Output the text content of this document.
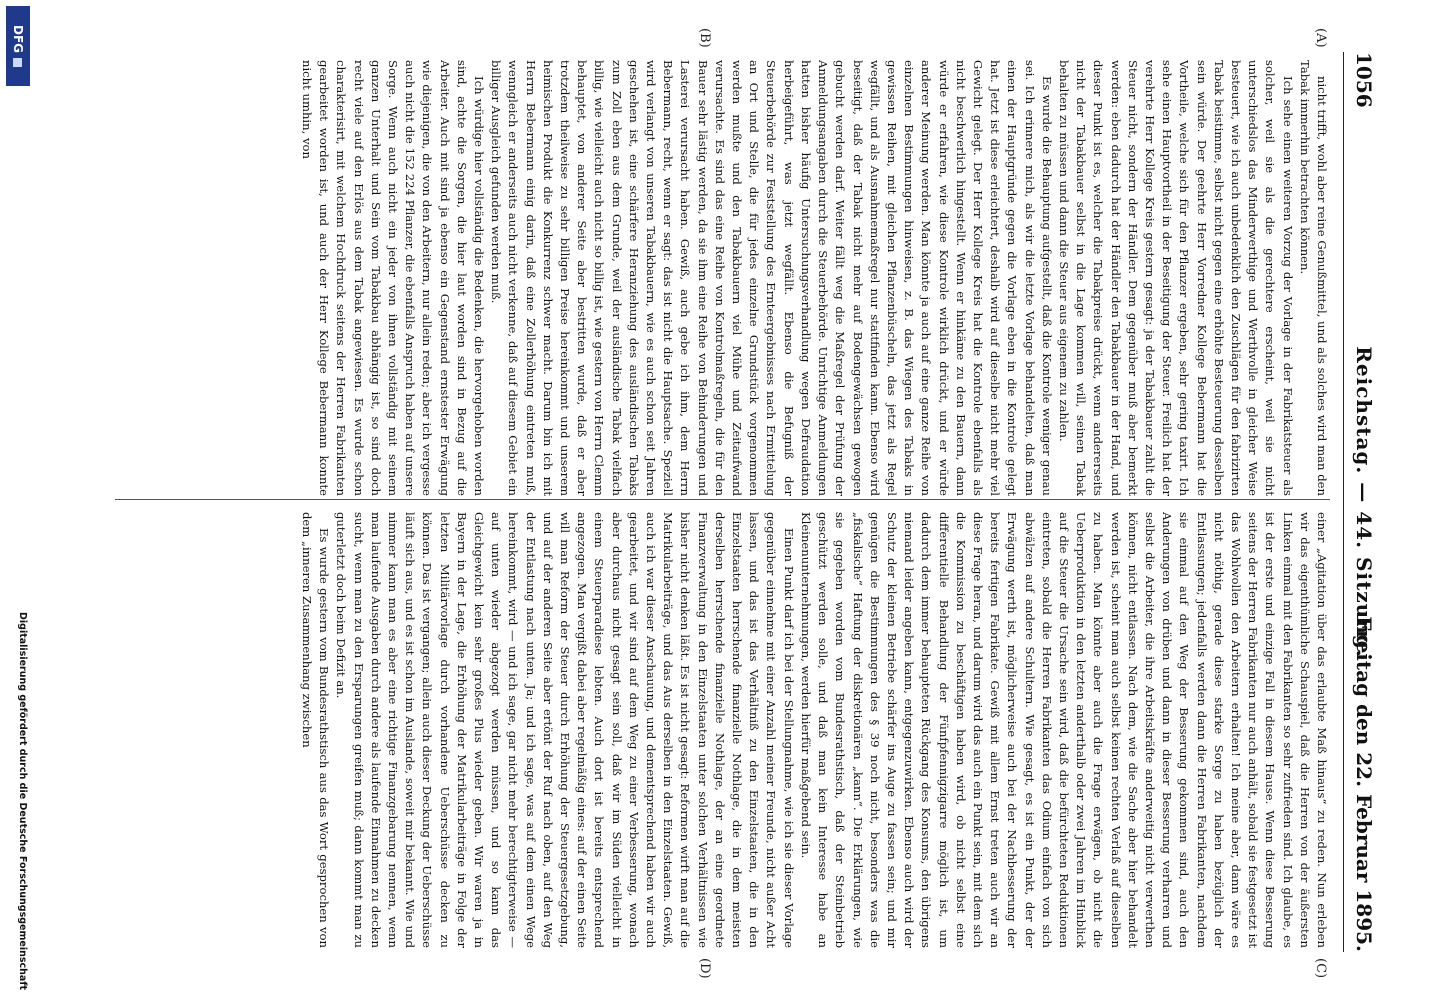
1056
Reichstag. — 44. Sitzung.
Freitag den 22. Februar 1895.
(A)
(B)
(C)
(D)

nicht trifft, wohl aber reine Genußmittel, und als solches wird man den Tabak immerhin betrachten können.

Ich sehe einen weiteren Vorzug der Vorlage in der Fabrikatsteuer als solcher, weil sie als die gerechtere erscheint, weil sie nicht unterschiedslos das Minderwerthige und Werthvolle in gleicher Weise besteuert, wie ich auch unbedenklich den Zuschlägen für den fabrizirten Tabak beistimme, selbst nicht gegen eine erhöhte Besteuerung desselben sein würde. Der geehrte Herr Vorredner Kollege Bebermann hat die Vortheile, welche sich für den Pflanzer ergeben, sehr gering taxirt. Ich sehe einen Hauptvortheil in der Beseitigung der Steuer. Freilich hat der verehrte Herr Kollege Kreis gestern gesagt: ja der Tabakbauer zahlt die Steuer nicht, sondern der Händler. Dem gegenüber muß aber bemerkt werden: eben dadurch hat der Händler den Tabakbauer in der Hand, und dieser Punkt ist es, welcher die Tabakpreise drückt, wenn andererseits nicht der Tabakbauer selbst in die Lage kommen will, seinen Tabak behalten zu müssen und dann die Steuer aus eigenem zu zahlen.

Es wurde die Behauptung aufgestellt, daß die Kontrole weniger genau sei. Ich erinnere mich, als wir die letzte Vorlage behandelten, daß man einen der Hauptgründe gegen die Vorlage eben in die Kontrole gelegt hat. Jetzt ist diese erleichtert, deshalb wird auf dieselbe nicht mehr viel Gewicht gelegt. Der Herr Kollege Kreis hat die Kontrole ebenfalls als nicht beschwerlich hingestellt. Wenn er hinkäme zu den Bauern, dann würde er erfahren, wie diese Kontrole wirklich drückt, und er würde anderer Meinung werden. Man könnte ja auch auf eine ganze Reihe von einzelnen Bestimmungen hinweisen, z. B. das Wiegen des Tabaks in gewissen Reihen, mit gleichen Pflanzenbüscheln, das jetzt als Regel wegfällt, und als Ausnahmemaßregel nur stattfinden kann. Ebenso wird beseitigt, daß der Tabak nicht mehr auf Bodengewächsen gewogen gebucht werden darf. Weiter fällt weg die Maßregel der Prüfung der Anmeldungsangaben durch die Steuerbehörde. Unrichtige Anmeldungen hatten bisher häufig Untersuchungsverhandlung wegen Defraudation herbeigeführt, was jetzt wegfällt. Ebenso die Befugniß der Steuerbehörde zur Feststellung des Ernteergebnisses nach Ermittelung an Ort und Stelle, die für jedes einzelne Grundstück vorgenommen werden mußte und den Tabakbauern viel Mühe und Zeitaufwand verursachte. Es sind das eine Reihe von Kontrolmaßregeln, die für den Bauer sehr lästig werden, da sie ihm eine Reihe von Behinderungen und Lasterei verursacht haben. Gewiß, auch gebe ich ihm, dem Herrn Bebermann, recht, wenn er sagt: das ist nicht die Hauptsache. Speziell wird verlangt von unseren Tabakbauern, wie es auch schon seit Jahren geschehen ist, eine schärfere Heranziehung des ausländischen Tabaks zum Zoll eben aus dem Grunde, weil der ausländische Tabak vielfach billig, wie vielleicht auch nicht so billig ist, wie gestern von Herrn Clemm behauptet, von anderer Seite aber bestritten wurde, daß er aber trotzdem theilweise zu sehr billigen Preise hereinkommt und unserem heimischen Produkt die Konkurrenz schwer macht. Darum bin ich mit Herrn Bebermann einig darin, daß eine Zollerhöhung eintreten muß, wenngleich er anderseits auch nicht verkenne, daß auf diesem Gebiet ein billiger Ausgleich gefunden werden muß.

Ich würdige hier vollständig die Bedenken, die hervorgehoben worden sind, achte die Sorgen, die hier laut worden sind in Bezug auf die Arbeiter. Auch mit sind ja ebenso ein Gegenstand ernstester Erwägung wie diejenigen, die von den Arbeitern, nur allein reden; aber ich vergesse auch nicht die 152 224 Pflanzer, die ebenfalls Anspruch haben auf unsere Sorge. Wenn auch nicht ein jeder von ihnen vollständig mit seinem ganzen Unterhalt und Sein vom Tabakbau abhängig ist, so sind doch recht viele auf den Erlös aus dem Tabak angewiesen. Es wurde schon charakterisirt, mit welchem Hochdruck seitens der Herren Fabrikanten gearbeitet worden ist, und auch der Herr Kollege Bebermann konnte nicht umhin, von

einer „Agitation über das erlaubte Maß hinaus“ zu reden. Nun erleben wir das eigenthümliche Schauspiel, daß die Herren von der äußersten Linken einmal mit den Fabrikanten so sehr zufrieden sind. Ich glaube, es ist der erste und einzige Fall in diesem Hause. Wenn diese Besserung seitens der Herren Fabrikanten nur auch anhält, sobald sie festgesetzt ist das Wohlwollen den Arbeitern erhalten! Ich meine aber, dann wäre es nicht nöthig, gerade diese starke Sorge zu haben bezüglich der Entlassungen; jedenfalls werden dann die Herren Fabrikanten, nachdem sie einmal auf den Weg der Besserung gekommen sind, auch den Anderungen von drüben und dann in dieser Besserung verharren und selbst die Arbeiter, die ihre Arbeitskräfte anderweitig nicht verwerthen können, nicht entlassen. Nach dem, wie die Sache aber hier behandelt werden ist, scheint man auch selbst keinen rechten Verlaß auf dieselben zu haben. Man könnte aber auch die Frage erwägen, ob nicht die Ueberproduktion in den letzten anderthalb oder zwei Jahren im Hinblick auf die Steuer die Ursache sein wird, daß die befürchteten Reduktionen eintreten, sobald die Herren Fabrikanten das Odium einfach von sich abwälzen auf andere Schultern. Wie gesagt, es ist ein Punkt, der der Erwägung werth ist, möglicherweise auch bei der Nachbesserung der bereits fertigen Fabrikate. Gewiß mit allem Ernst treten auch wir an diese Frage heran, und darum wird das auch ein Punkt sein, mit dem sich die Kommission zu beschäftigen haben wird, ob nicht selbst eine differentielle Behandlung der Fünfpfennigzigarre möglich ist, um dadurch dem immer behaupteten Rückgang des Konsums, den übrigens niemand leider angeben kann, entgegenzuwirken. Ebenso auch wird der Schutz der kleinen Betriebe schärfer ins Auge zu fassen sein; und mir genügen die Bestimmungen des § 39 noch nicht, besonders was die „fiskalische“ Haftung der diskretionären „kann“. Die Erklärungen, wie sie gegeben worden vom Bundesrathstisch, daß der Steinbetrieb geschützt werden solle, und daß man kein Interesse habe an Kleinenunternehmungen, werden hierfür maßgebend sein.

Einen Punkt darf ich bei der Stellungnahme, wie ich sie dieser Vorlage gegenüber einnehme mit einer Anzahl meiner Freunde, nicht außer Acht lassen, und das ist das Verhältniß zu den Einzelstaaten, die in den Einzelstaaten herrschende finanzielle Nothlage, die in dem meisten derselben herrschende finanzielle Nothlage, der an eine geordnete Finanzverwaltung in den Einzelstaaten unter solchen Verhältnissen wie bisher nicht denken läßt. Es ist nicht gesagt: Reformen wirft man auf die Matrikularbeiträge, und das Aus derselben in den Einzelstaaten. Gewiß, auch ich war dieser Anschauung, und dementsprechend haben wir auch gearbeitet, und wir sind auf dem Weg zu einer Verbesserung, wonach aber durchaus nicht gesagt sein soll, daß wir im Süden vielleicht in einem Steuerparadiese lebten. Auch dort ist bereits entsprechend angezogen. Man vergißt dabei aber regelmäßig eines: auf der einen Seite will man Reform der Steuer durch Erhöhung der Steuergesetzgebung, und auf der anderen Seite aber ertönt der Ruf nach oben, auf den Weg der Entlastung nach unten. Ja; und ich sage, was auf dem einen Wege hereinkommt, wird — und ich sage, gar nicht mehr berechtigterweise — auf unten wieder abgezogt werden müssen, und so kann das Gleichgewicht kein sehr großes Plus wieder geben. Wir waren ja in Bayern in der Lage, die Erhöhung der Matrikularbeiträge in Folge der letzten Militärvorlage durch vorhandene Ueberschüsse decken zu können. Das ist vergangen; allein auch dieser Deckung der Ueberschüsse läuft sich aus, und es ist schon im Auslande, soweit mir bekannt. Wie und nimmer kann man es aber eine richtige Finanzgebarung nennen, wenn man laufende Ausgaben durch andere als laufende Einnahmen zu decken sucht, wenn man zu den Ersparungen greifen muß; dann kommt man zu guterletzt doch beim Defizit an.

Es wurde gestern vom Bundesrathstisch aus das Wort gesprochen von dem „inneren Zusammenhang zwischen

DFG
Digitalisierung gefördert durch die Deutsche Forschungsgemeinschaft
